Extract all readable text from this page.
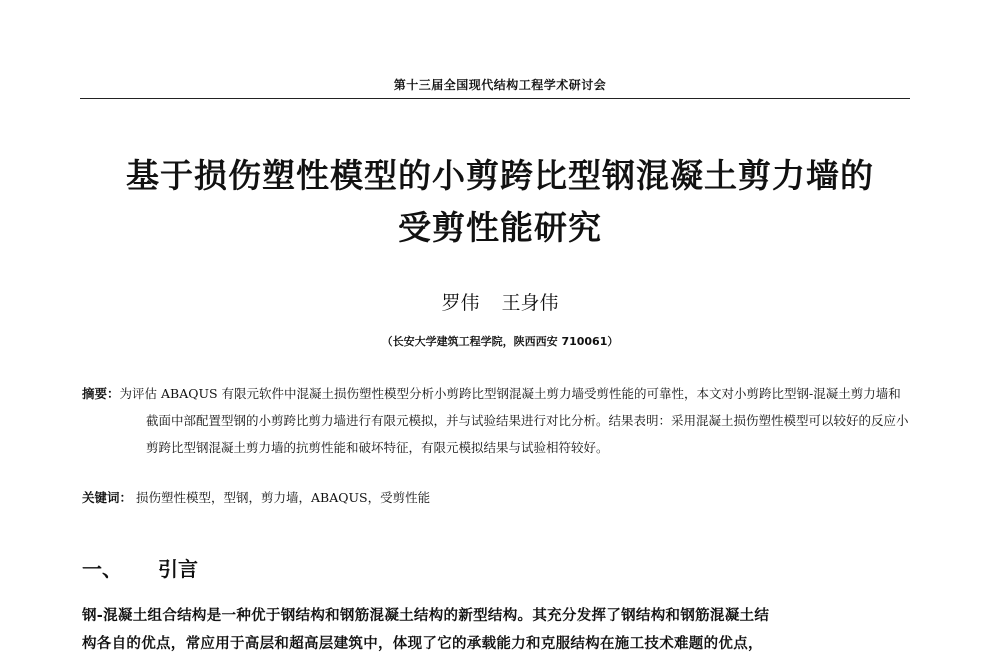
第十三届全国现代结构工程学术研讨会
基于损伤塑性模型的小剪跨比型钢混凝土剪力墙的
受剪性能研究
罗伟 王身伟
（长安大学建筑工程学院，陕西西安 710061）
摘要：为评估 ABAQUS 有限元软件中混凝土损伤塑性模型分析小剪跨比型钢混凝土剪力墙受剪性能的可靠性，本文对小剪跨比型钢-混凝土剪力墙和截面中部配置型钢的小剪跨比剪力墙进行有限元模拟，并与试验结果进行对比分析。结果表明：采用混凝土损伤塑性模型可以较好的反应小剪跨比型钢混凝土剪力墙的抗剪性能和破坏特征，有限元模拟结果与试验相符较好。
关键词： 损伤塑性模型，型钢，剪力墙，ABAQUS，受剪性能
一、 引言

钢-混凝土组合结构是一种优于钢结构和钢筋混凝土结构的新型结构。其充分发挥了钢结构和钢筋混凝土结

构各自的优点，常应用于高层和超高层建筑中，体现了它的承载能力和克服结构在施工技术难题的优点，
